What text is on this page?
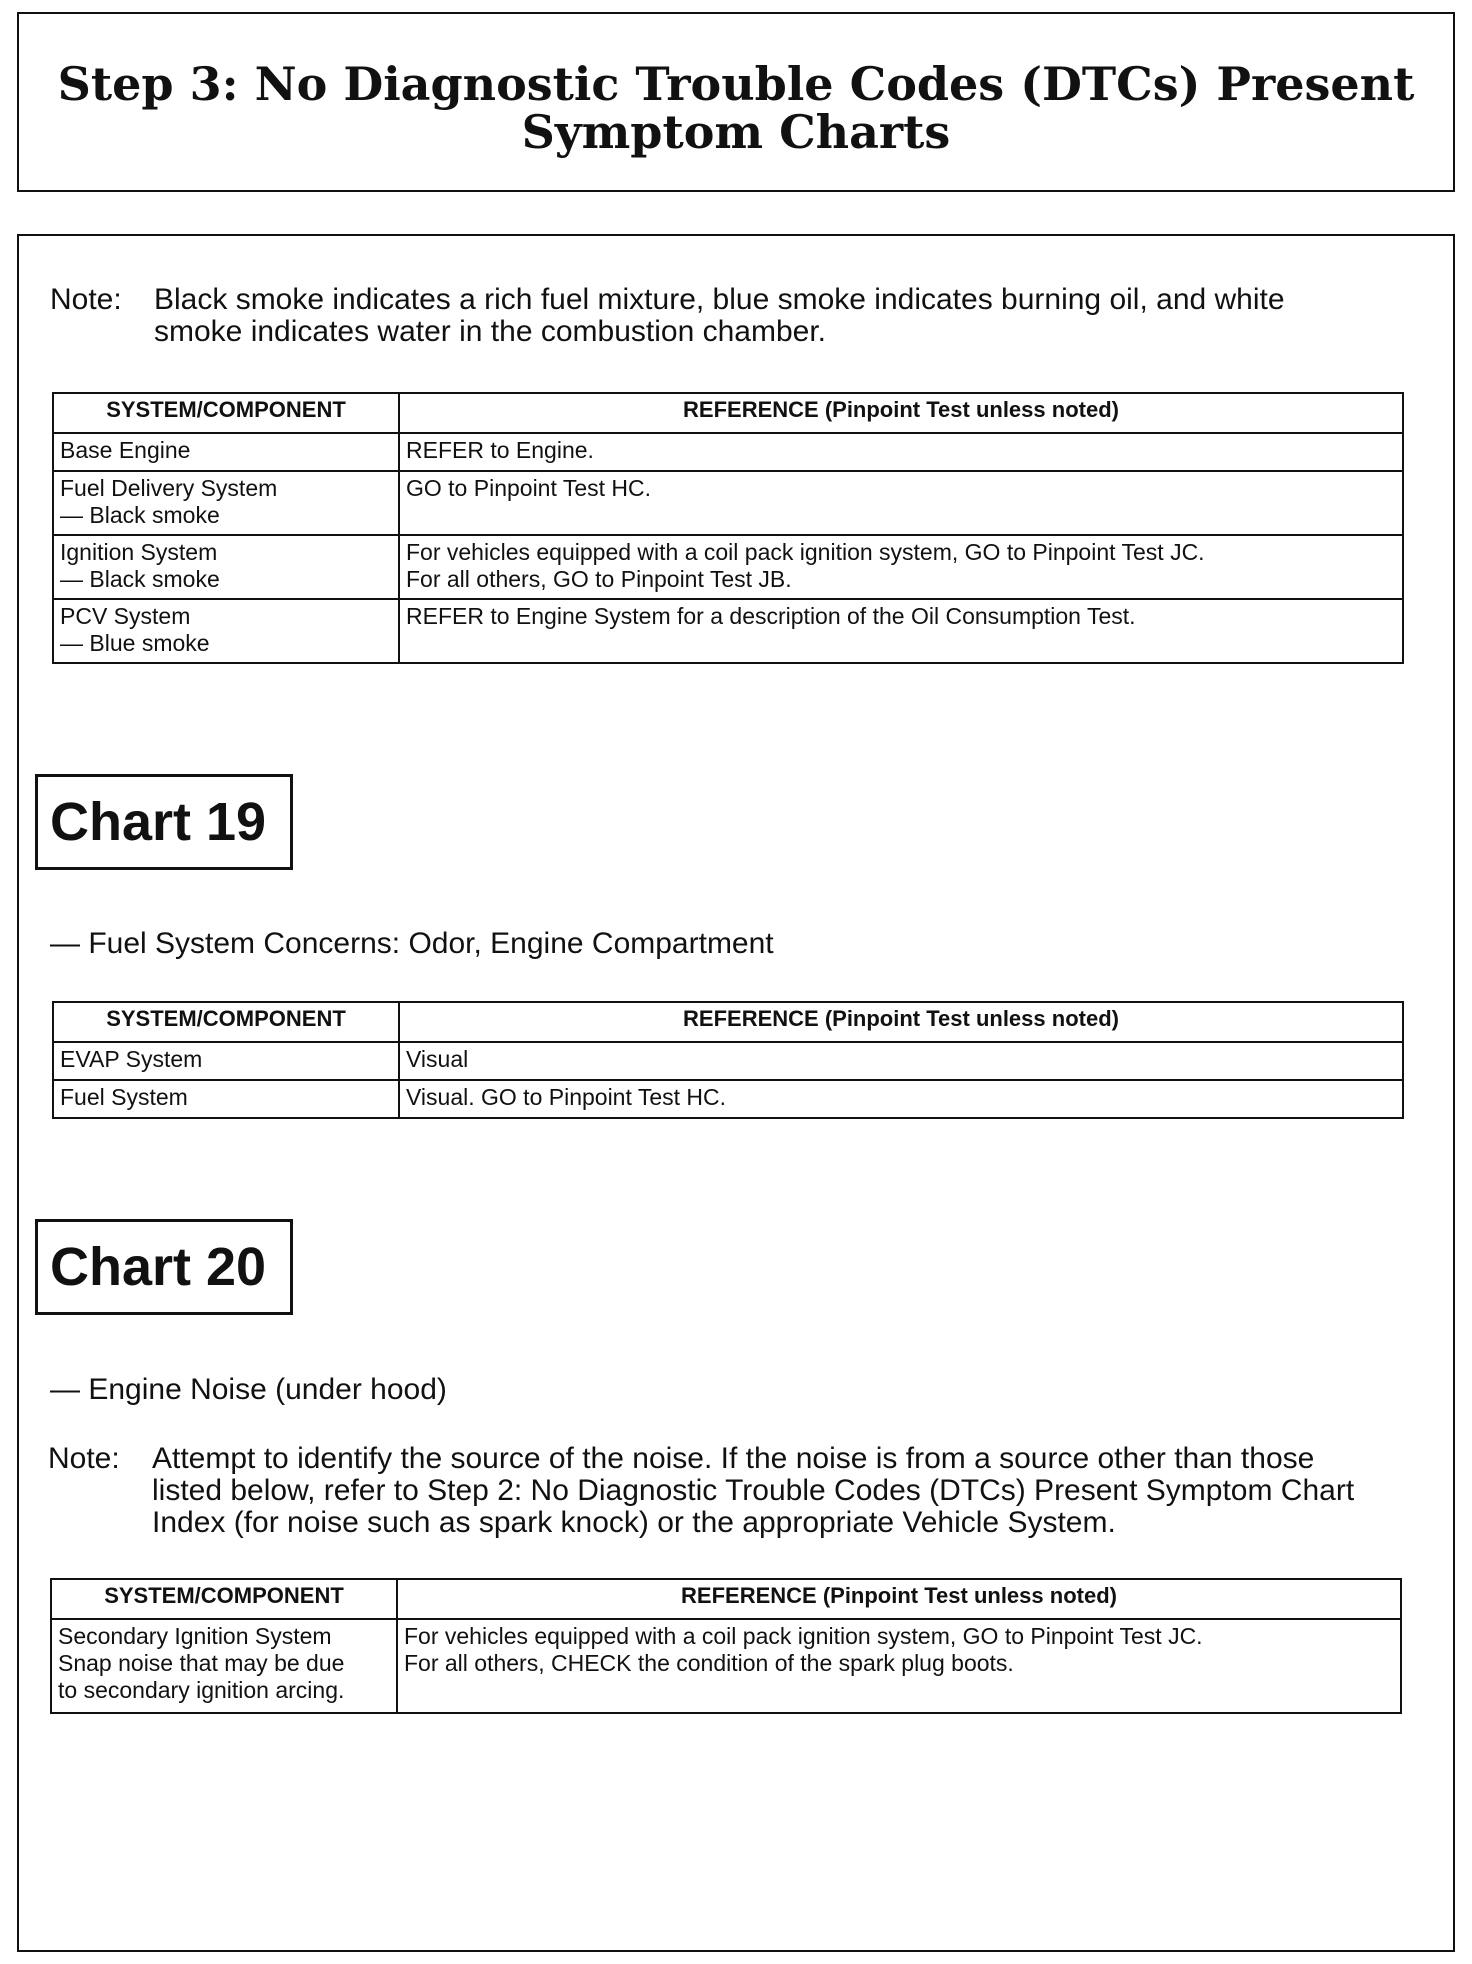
Step 3: No Diagnostic Trouble Codes (DTCs) Present
Symptom Charts
Note: Black smoke indicates a rich fuel mixture, blue smoke indicates burning oil, and white
smoke indicates water in the combustion chamber.
SYSTEM/COMPONENT	REFERENCE (Pinpoint Test unless noted)

Base Engine	REFER to Engine.

Fuel Delivery System
— Black smoke	GO to Pinpoint Test HC.

Ignition System
— Black smoke	For vehicles equipped with a coil pack ignition system, GO to Pinpoint Test JC.
For all others, GO to Pinpoint Test JB.

PCV System
— Blue smoke	REFER to Engine System for a description of the Oil Consumption Test.
Chart 19
— Fuel System Concerns: Odor, Engine Compartment
SYSTEM/COMPONENT	REFERENCE (Pinpoint Test unless noted)

EVAP System	Visual

Fuel System	Visual. GO to Pinpoint Test HC.
Chart 20
— Engine Noise (under hood)
Note: Attempt to identify the source of the noise. If the noise is from a source other than those
listed below, refer to Step 2: No Diagnostic Trouble Codes (DTCs) Present Symptom Chart
Index (for noise such as spark knock) or the appropriate Vehicle System.
SYSTEM/COMPONENT	REFERENCE (Pinpoint Test unless noted)

Secondary Ignition System
Snap noise that may be due
to secondary ignition arcing.	For vehicles equipped with a coil pack ignition system, GO to Pinpoint Test JC.
For all others, CHECK the condition of the spark plug boots.
